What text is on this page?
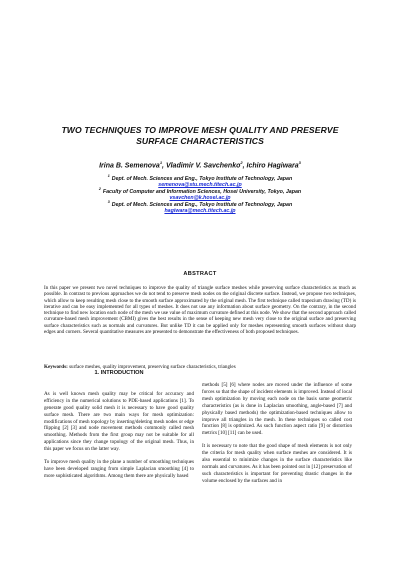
TWO TECHNIQUES TO IMPROVE MESH QUALITY AND PRESERVE
SURFACE CHARACTERISTICS
Irina B. Semenova$^1$, Vladimir V. Savchenko$^2$, Ichiro Hagiwara$^3$
$^1$ Dept. of Mech. Sciences and Eng., Tokyo Institute of Technology, Japan
semenova@stu.mech.titech.ac.jp
$^2$ Faculty of Computer and Information Sciences, Hosei University, Tokyo, Japan
vsavchen@k.hosei.ac.jp
$^3$ Dept. of Mech. Sciences and Eng., Tokyo Institute of Technology, Japan
hagiwara@mech.titech.ac.jp
ABSTRACT
In this paper we present two novel techniques to improve the quality of triangle surface meshes while preserving surface characteristics as much as possible. In contrast to previous approaches we do not tend to preserve mesh nodes on the original discrete surface. Instead, we propose two techniques, which allow to keep resulting mesh close to the smooth surface approximated by the original mesh. The first technique called trapezium drawing (TD) is iterative and can be easy implemented for all types of meshes. It does not use any information about surface geometry. On the contrary, in the second technique to find new location each node of the mesh we use value of maximum curvature defined at this node. We show that the second approach called curvature-based mesh improvement (CBMI) gives the best results in the sense of keeping new mesh very close to the original surface and preserving surface characteristics such as normals and curvatures. But unlike TD it can be applied only for meshes representing smooth surfaces without sharp edges and corners. Several quantitative measures are presented to demonstrate the effectiveness of both proposed techniques.
Keywords: surface meshes, quality improvement, preserving surface characteristics, triangles
1. INTRODUCTION

As is well known mesh quality may be critical for accuracy and efficiency in the numerical solutions to PDE-based applications [1]. To generate good quality solid mesh it is necessary to have good quality surface mesh. There are two main ways for mesh optimization: modifications of mesh topology by inserting/deleting mesh nodes or edge flipping [2] [3] and node movement methods commonly called mesh smoothing. Methods from the first group may not be suitable for all applications since they change topology of the original mesh. Thus, in this paper we focus on the latter way.

To improve mesh quality in the plane a number of smoothing techniques have been developed ranging from simple Laplacian smoothing [4] to more sophisticated algorithms. Among them there are physically based

methods [5] [6] where nodes are moved under the influence of some forces so that the shape of incident elements is improved. Instead of local mesh optimization by moving each node on the basis some geometric characteristics (as is done in Laplacian smoothing, angle-based [7] and physically based methods) the optimization-based techniques allow to improve all triangles in the mesh. In these techniques so called cost function [8] is optimized. As such function aspect ratio [9] or distortion metrics [10] [11] can be used.

It is necessary to note that the good shape of mesh elements is not only the criteria for mesh quality when surface meshes are considered. It is also essential to minimize changes in the surface characteristics like normals and curvatures. As it has been pointed out in [12] preservation of such characteristics is important for preventing drastic changes in the volume enclosed by the surfaces and in
